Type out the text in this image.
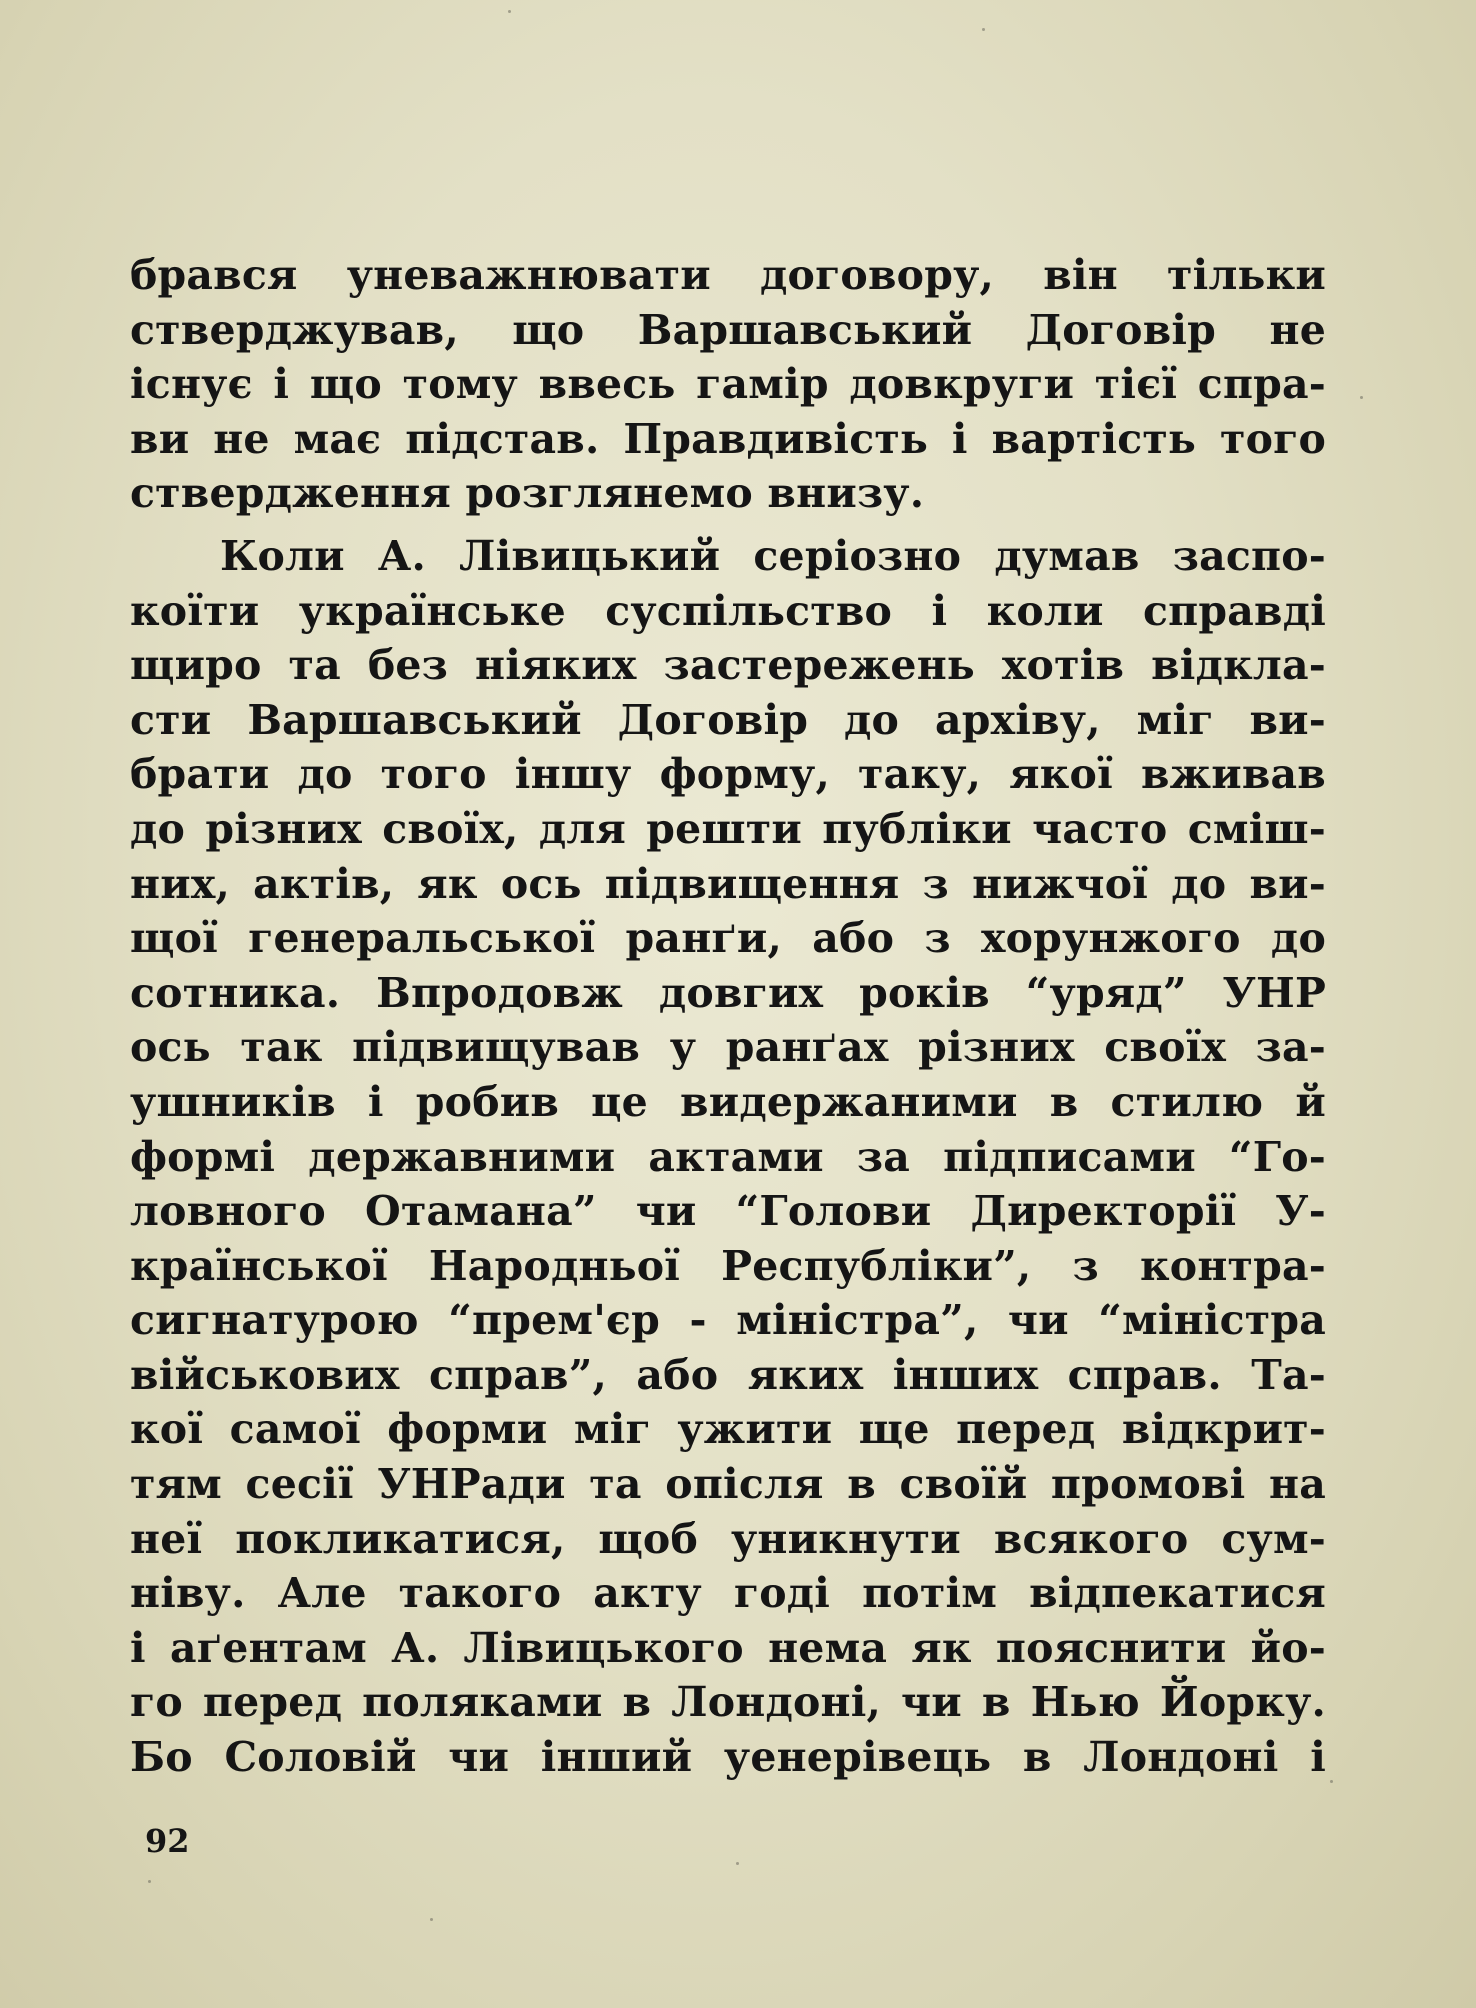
брався уневажнювати договору, він тільки
стверджував, що Варшавський Договір не
існує і що тому ввесь гамір довкруги тієї спра-
ви не має підстав. Правдивість і вартість того
ствердження розглянемо внизу.
Коли А. Лівицький серіозно думав заспо-
коїти українське суспільство і коли справді
щиро та без ніяких застережень хотів відкла-
сти Варшавський Договір до архіву, міг ви-
брати до того іншу форму, таку, якої вживав
до різних своїх, для решти публіки часто сміш-
них, актів, як ось підвищення з нижчої до ви-
щої генеральської ранґи, або з хорунжого до
сотника. Впродовж довгих років “уряд” УНР
ось так підвищував у ранґах різних своїх за-
ушників і робив це видержаними в стилю й
формі державними актами за підписами “Го-
ловного Отамана” чи “Голови Директорії У-
країнської Народньої Республіки”, з контра-
сигнатурою “прем'єр - міністра”, чи “міністра
військових справ”, або яких інших справ. Та-
кої самої форми міг ужити ще перед відкрит-
тям сесії УНРади та опісля в своїй промові на
неї покликатися, щоб уникнути всякого сум-
ніву. Але такого акту годі потім відпекатися
і аґентам А. Лівицького нема як пояснити йо-
го перед поляками в Лондоні, чи в Нью Йорку.
Бо Соловій чи інший уенерівець в Лондоні і
92
